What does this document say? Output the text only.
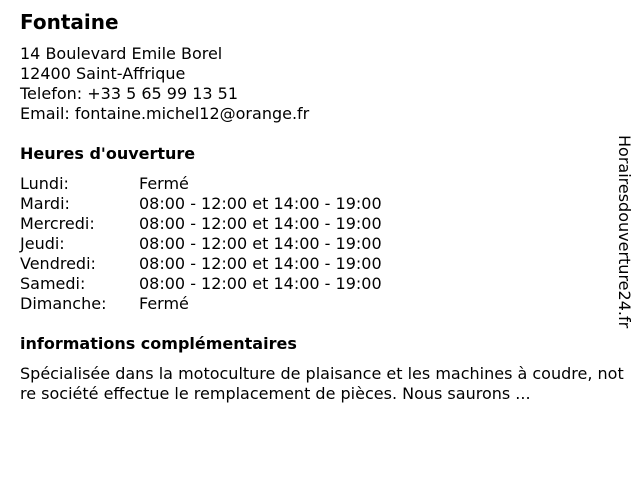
Fontaine
14 Boulevard Emile Borel
12400 Saint-Affrique
Telefon: +33 5 65 99 13 51
Email: fontaine.michel12@orange.fr
Heures d'ouverture
Lundi:	Fermé
Mardi:	08:00 - 12:00 et 14:00 - 19:00
Mercredi:	08:00 - 12:00 et 14:00 - 19:00
Jeudi:	08:00 - 12:00 et 14:00 - 19:00
Vendredi:	08:00 - 12:00 et 14:00 - 19:00
Samedi:	08:00 - 12:00 et 14:00 - 19:00
Dimanche: Fermé
informations complémentaires
Spécialisée dans la motoculture de plaisance et les machines à coudre, notre société effectue le remplacement de pièces. Nous saurons ...
Horairesdouverture24.fr
